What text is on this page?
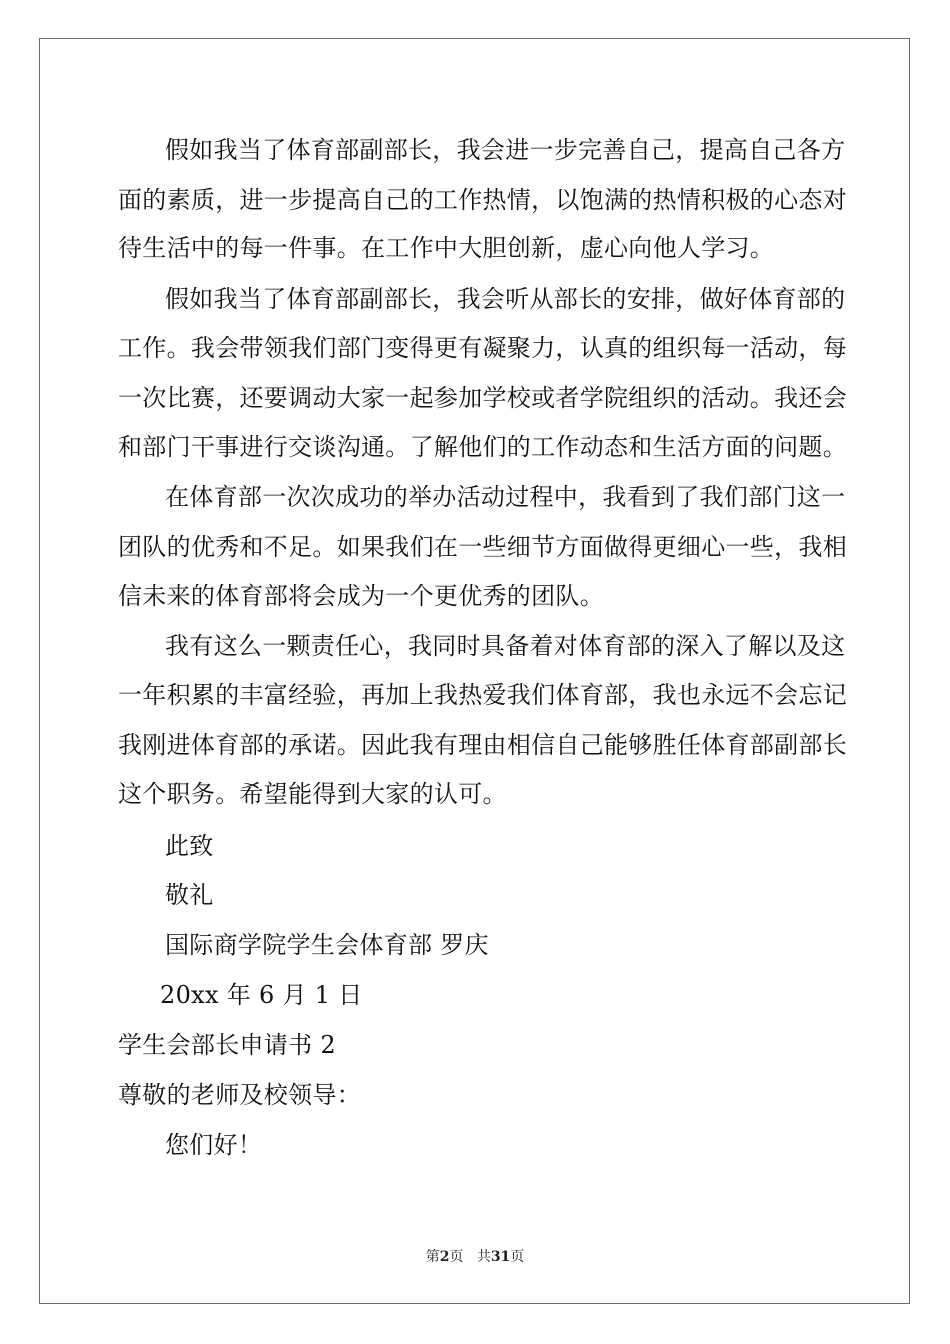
假如我当了体育部副部长，我会进一步完善自己，提高自己各方
面的素质，进一步提高自己的工作热情，以饱满的热情积极的心态对
待生活中的每一件事。在工作中大胆创新，虚心向他人学习。
假如我当了体育部副部长，我会听从部长的安排，做好体育部的
工作。我会带领我们部门变得更有凝聚力，认真的组织每一活动，每
一次比赛，还要调动大家一起参加学校或者学院组织的活动。我还会
和部门干事进行交谈沟通。了解他们的工作动态和生活方面的问题。
在体育部一次次成功的举办活动过程中，我看到了我们部门这一
团队的优秀和不足。如果我们在一些细节方面做得更细心一些，我相
信未来的体育部将会成为一个更优秀的团队。
我有这么一颗责任心，我同时具备着对体育部的深入了解以及这
一年积累的丰富经验，再加上我热爱我们体育部，我也永远不会忘记
我刚进体育部的承诺。因此我有理由相信自己能够胜任体育部副部长
这个职务。希望能得到大家的认可。
此致
敬礼
国际商学院学生会体育部 罗庆
20xx 年 6 月 1 日
学生会部长申请书 2
尊敬的老师及校领导：
您们好！
第2页 共31页
